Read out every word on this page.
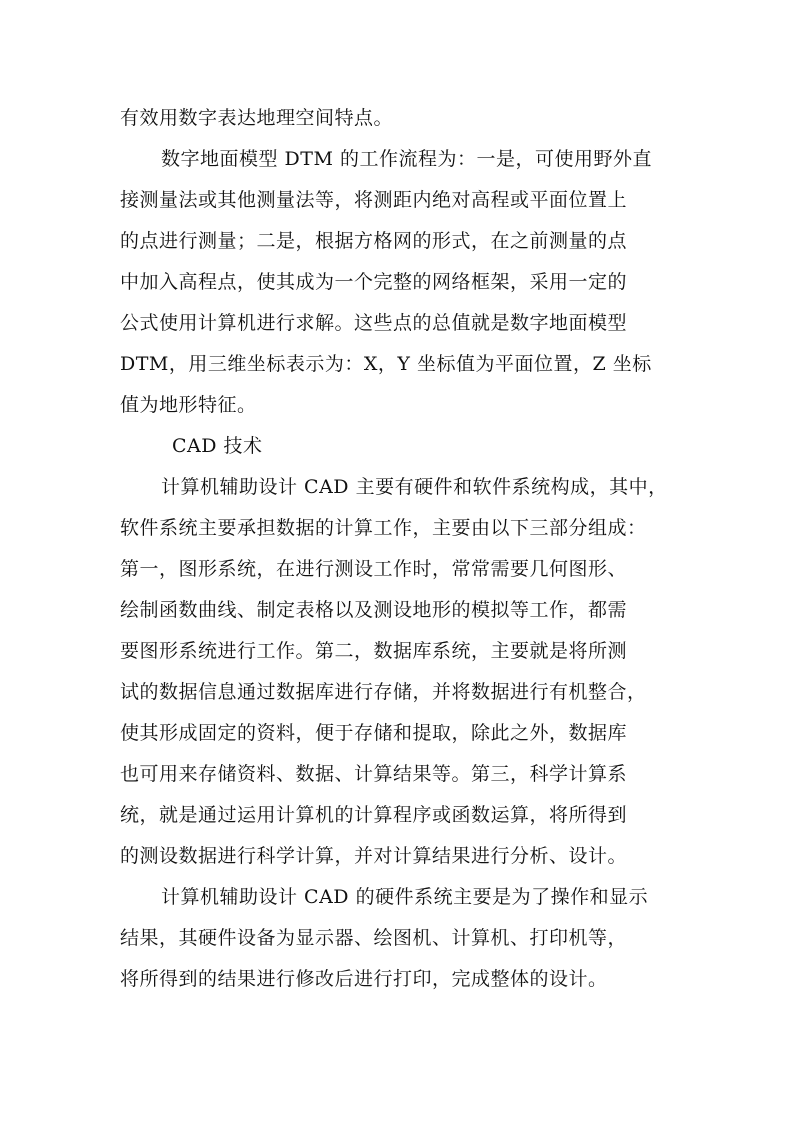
有效用数字表达地理空间特点。
数字地面模型 DTM 的工作流程为：一是，可使用野外直
接测量法或其他测量法等，将测距内绝对高程或平面位置上
的点进行测量；二是，根据方格网的形式，在之前测量的点
中加入高程点，使其成为一个完整的网络框架，采用一定的
公式使用计算机进行求解。这些点的总值就是数字地面模型
DTM，用三维坐标表示为：X，Y 坐标值为平面位置，Z 坐标
值为地形特征。
CAD 技术
计算机辅助设计 CAD 主要有硬件和软件系统构成，其中，
软件系统主要承担数据的计算工作，主要由以下三部分组成：
第一，图形系统，在进行测设工作时，常常需要几何图形、
绘制函数曲线、制定表格以及测设地形的模拟等工作，都需
要图形系统进行工作。第二，数据库系统，主要就是将所测
试的数据信息通过数据库进行存储，并将数据进行有机整合，
使其形成固定的资料，便于存储和提取，除此之外，数据库
也可用来存储资料、数据、计算结果等。第三，科学计算系
统，就是通过运用计算机的计算程序或函数运算，将所得到
的测设数据进行科学计算，并对计算结果进行分析、设计。
计算机辅助设计 CAD 的硬件系统主要是为了操作和显示
结果，其硬件设备为显示器、绘图机、计算机、打印机等，
将所得到的结果进行修改后进行打印，完成整体的设计。
